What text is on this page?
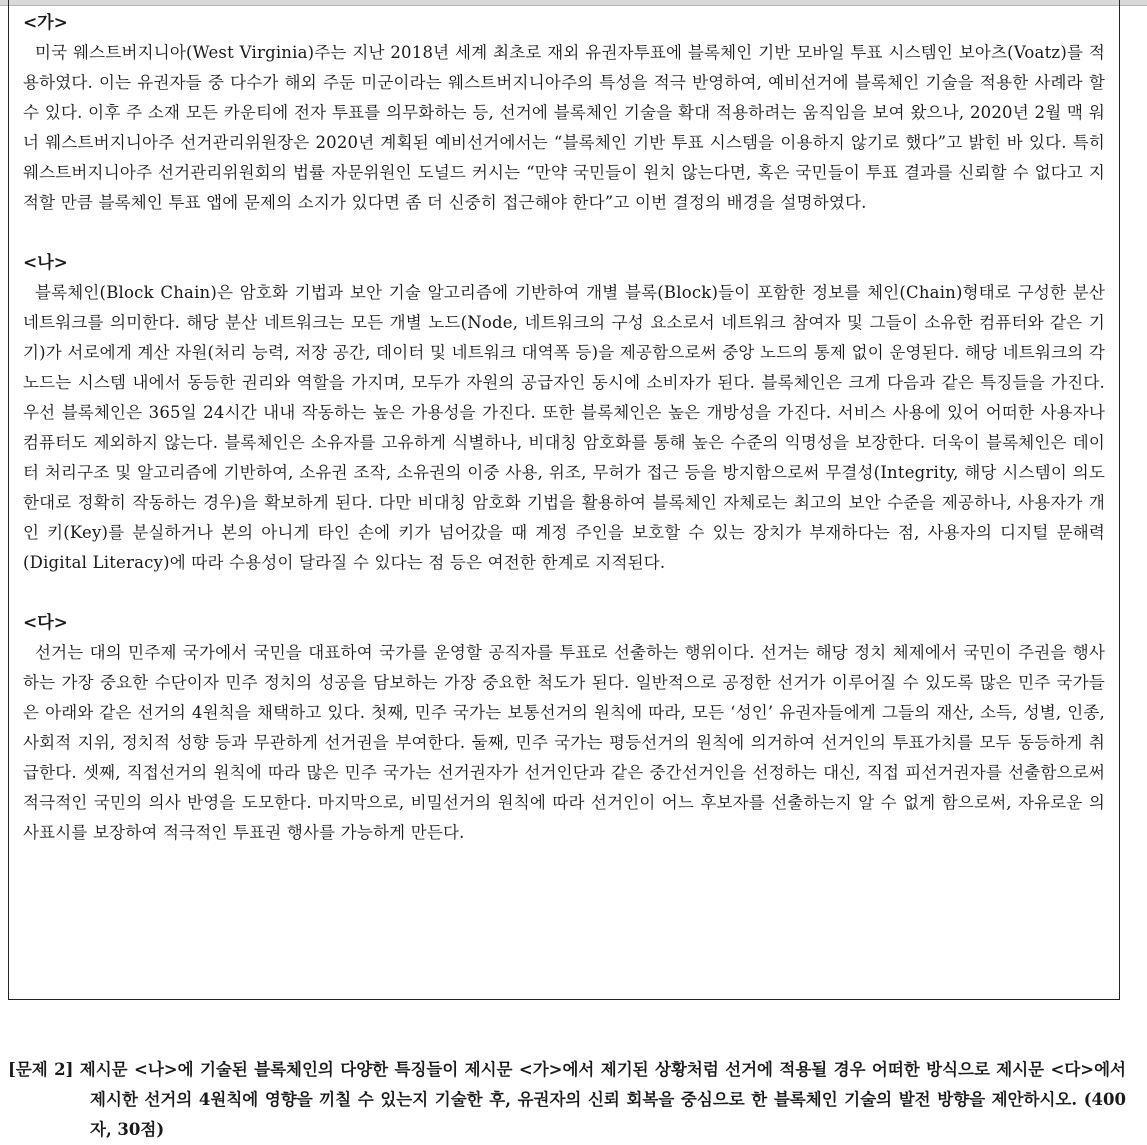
<가>

미국 웨스트버지니아(West Virginia)주는 지난 2018년 세계 최초로 재외 유권자투표에 블록체인 기반 모바일 투표 시스템인 보아츠(Voatz)를 적용하였다. 이는 유권자들 중 다수가 해외 주둔 미군이라는 웨스트버지니아주의 특성을 적극 반영하여, 예비선거에 블록체인 기술을 적용한 사례라 할 수 있다. 이후 주 소재 모든 카운티에 전자 투표를 의무화하는 등, 선거에 블록체인 기술을 확대 적용하려는 움직임을 보여 왔으나, 2020년 2월 맥 워너 웨스트버지니아주 선거관리위원장은 2020년 계획된 예비선거에서는 “블록체인 기반 투표 시스템을 이용하지 않기로 했다”고 밝힌 바 있다. 특히 웨스트버지니아주 선거관리위원회의 법률 자문위원인 도널드 커시는 “만약 국민들이 원치 않는다면, 혹은 국민들이 투표 결과를 신뢰할 수 없다고 지적할 만큼 블록체인 투표 앱에 문제의 소지가 있다면 좀 더 신중히 접근해야 한다”고 이번 결정의 배경을 설명하였다.

<나>

블록체인(Block Chain)은 암호화 기법과 보안 기술 알고리즘에 기반하여 개별 블록(Block)들이 포함한 정보를 체인(Chain)형태로 구성한 분산 네트워크를 의미한다. 해당 분산 네트워크는 모든 개별 노드(Node, 네트워크의 구성 요소로서 네트워크 참여자 및 그들이 소유한 컴퓨터와 같은 기기)가 서로에게 계산 자원(처리 능력, 저장 공간, 데이터 및 네트워크 대역폭 등)을 제공함으로써 중앙 노드의 통제 없이 운영된다. 해당 네트워크의 각 노드는 시스템 내에서 동등한 권리와 역할을 가지며, 모두가 자원의 공급자인 동시에 소비자가 된다. 블록체인은 크게 다음과 같은 특징들을 가진다. 우선 블록체인은 365일 24시간 내내 작동하는 높은 가용성을 가진다. 또한 블록체인은 높은 개방성을 가진다. 서비스 사용에 있어 어떠한 사용자나 컴퓨터도 제외하지 않는다. 블록체인은 소유자를 고유하게 식별하나, 비대칭 암호화를 통해 높은 수준의 익명성을 보장한다. 더욱이 블록체인은 데이터 처리구조 및 알고리즘에 기반하여, 소유권 조작, 소유권의 이중 사용, 위조, 무허가 접근 등을 방지함으로써 무결성(Integrity, 해당 시스템이 의도한대로 정확히 작동하는 경우)을 확보하게 된다. 다만 비대칭 암호화 기법을 활용하여 블록체인 자체로는 최고의 보안 수준을 제공하나, 사용자가 개인 키(Key)를 분실하거나 본의 아니게 타인 손에 키가 넘어갔을 때 계정 주인을 보호할 수 있는 장치가 부재하다는 점, 사용자의 디지털 문해력(Digital Literacy)에 따라 수용성이 달라질 수 있다는 점 등은 여전한 한계로 지적된다.

<다>

선거는 대의 민주제 국가에서 국민을 대표하여 국가를 운영할 공직자를 투표로 선출하는 행위이다. 선거는 해당 정치 체제에서 국민이 주권을 행사하는 가장 중요한 수단이자 민주 정치의 성공을 담보하는 가장 중요한 척도가 된다. 일반적으로 공정한 선거가 이루어질 수 있도록 많은 민주 국가들은 아래와 같은 선거의 4원칙을 채택하고 있다. 첫째, 민주 국가는 보통선거의 원칙에 따라, 모든 ‘성인’ 유권자들에게 그들의 재산, 소득, 성별, 인종, 사회적 지위, 정치적 성향 등과 무관하게 선거권을 부여한다. 둘째, 민주 국가는 평등선거의 원칙에 의거하여 선거인의 투표가치를 모두 동등하게 취급한다. 셋째, 직접선거의 원칙에 따라 많은 민주 국가는 선거권자가 선거인단과 같은 중간선거인을 선정하는 대신, 직접 피선거권자를 선출함으로써 적극적인 국민의 의사 반영을 도모한다. 마지막으로, 비밀선거의 원칙에 따라 선거인이 어느 후보자를 선출하는지 알 수 없게 함으로써, 자유로운 의사표시를 보장하여 적극적인 투표권 행사를 가능하게 만든다.

[문제 2] 제시문 <나>에 기술된 블록체인의 다양한 특징들이 제시문 <가>에서 제기된 상황처럼 선거에 적용될 경우 어떠한 방식으로 제시문 <다>에서 제시한 선거의 4원칙에 영향을 끼칠 수 있는지 기술한 후, 유권자의 신뢰 회복을 중심으로 한 블록체인 기술의 발전 방향을 제안하시오. (400자, 30점)
